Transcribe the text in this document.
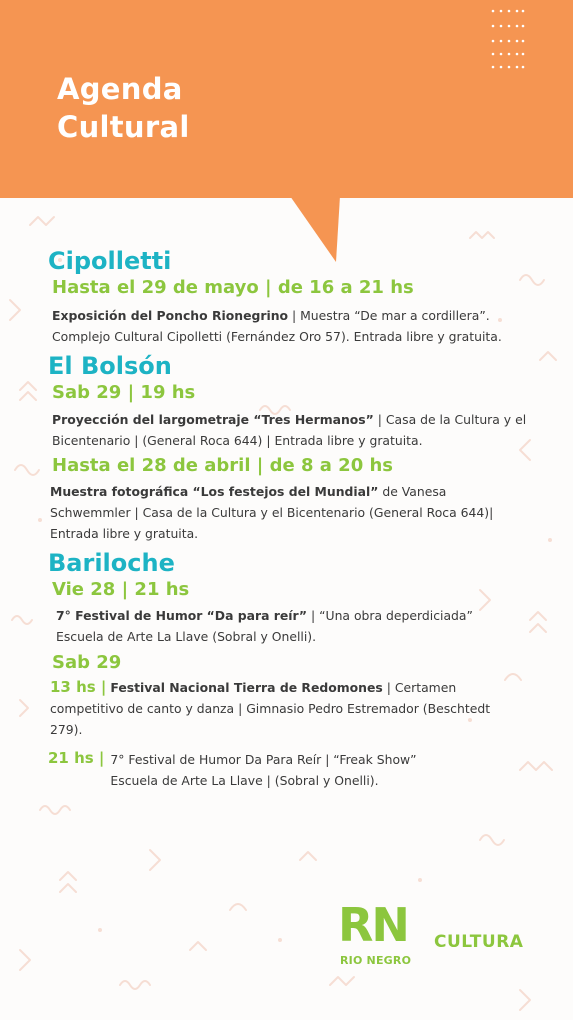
Agenda
Cultural
Cipolletti
Hasta el 29 de mayo | de 16 a 21 hs

Exposición del Poncho Rionegrino | Muestra “De mar a cordillera”. Complejo Cultural Cipolletti (Fernández Oro 57). Entrada libre y gratuita.

El Bolsón
Sab 29 | 19 hs

Proyección del largometraje “Tres Hermanos” | Casa de la Cultura y el Bicentenario | (General Roca 644) | Entrada libre y gratuita.

Hasta el 28 de abril | de 8 a 20 hs

Muestra fotográfica “Los festejos del Mundial” de Vanesa Schwemmler | Casa de la Cultura y el Bicentenario (General Roca 644)| Entrada libre y gratuita.

Bariloche
Vie 28 | 21 hs

7° Festival de Humor “Da para reír” | “Una obra deperdiciada” Escuela de Arte La Llave (Sobral y Onelli).

Sab 29

13 hs | Festival Nacional Tierra de Redomones | Certamen competitivo de canto y danza | Gimnasio Pedro Estremador (Beschtedt 279).

21 hs | 7° Festival de Humor Da Para Reír | “Freak Show”

Escuela de Arte La Llave | (Sobral y Onelli).

RN
RIO NEGRO
CULTURA
